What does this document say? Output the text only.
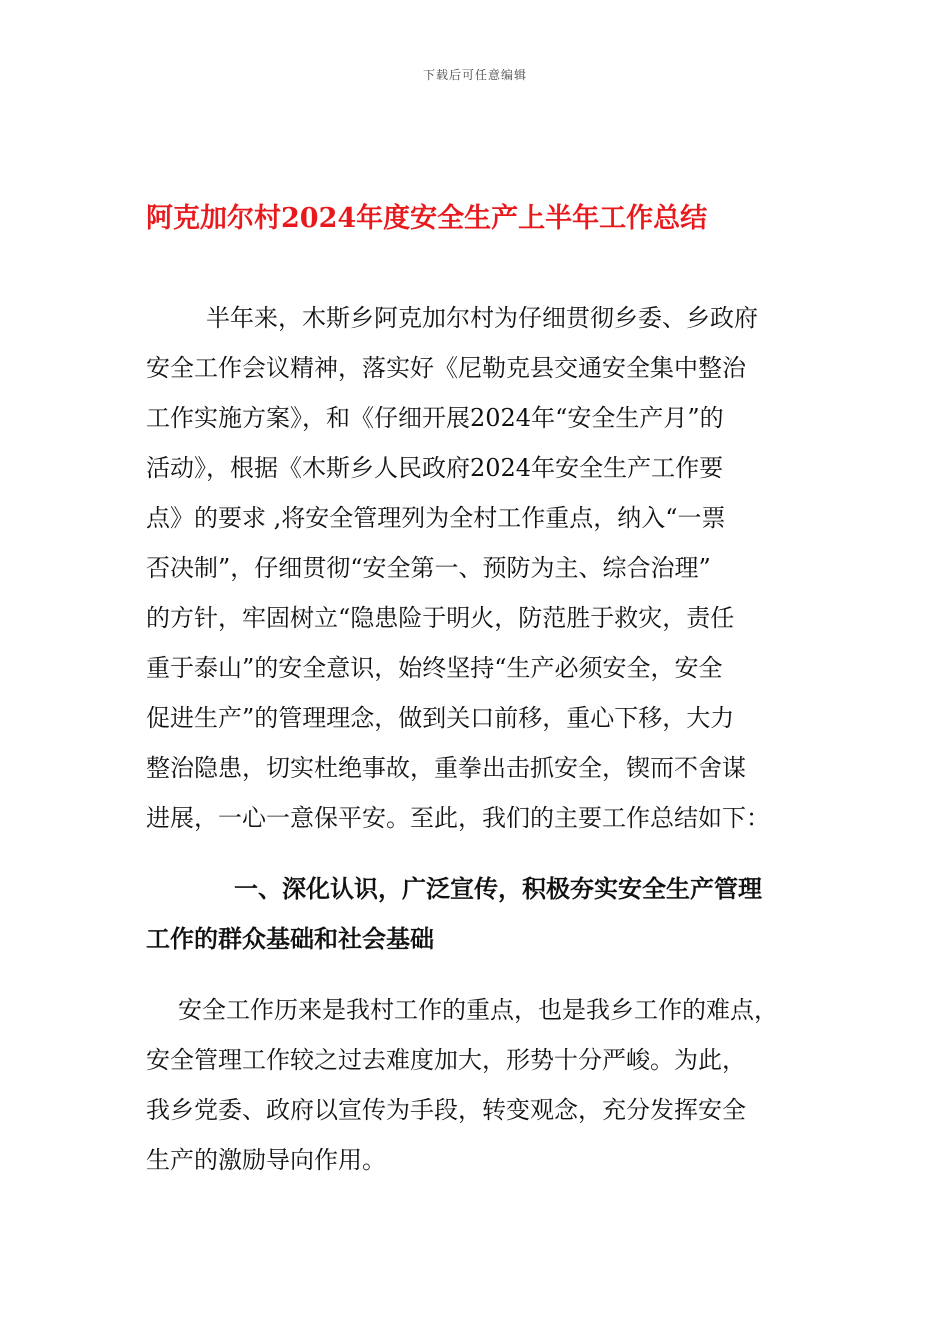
下载后可任意编辑
阿克加尔村2024年度安全生产上半年工作总结
半年来，木斯乡阿克加尔村为仔细贯彻乡委、乡政府
安全工作会议精神，落实好《尼勒克县交通安全集中整治
工作实施方案》，和《仔细开展2024年“安全生产月”的
活动》，根据《木斯乡人民政府2024年安全生产工作要
点》的要求 ,将安全管理列为全村工作重点，纳入“一票
否决制”，仔细贯彻“安全第一、预防为主、综合治理”
的方针，牢固树立“隐患险于明火，防范胜于救灾，责任
重于泰山”的安全意识，始终坚持“生产必须安全，安全
促进生产”的管理理念，做到关口前移，重心下移，大力
整治隐患，切实杜绝事故，重拳出击抓安全，锲而不舍谋
进展，一心一意保平安。至此，我们的主要工作总结如下：
一、深化认识，广泛宣传，积极夯实安全生产管理
工作的群众基础和社会基础
安全工作历来是我村工作的重点，也是我乡工作的难点，
安全管理工作较之过去难度加大，形势十分严峻。为此，
我乡党委、政府以宣传为手段，转变观念，充分发挥安全
生产的激励导向作用。
